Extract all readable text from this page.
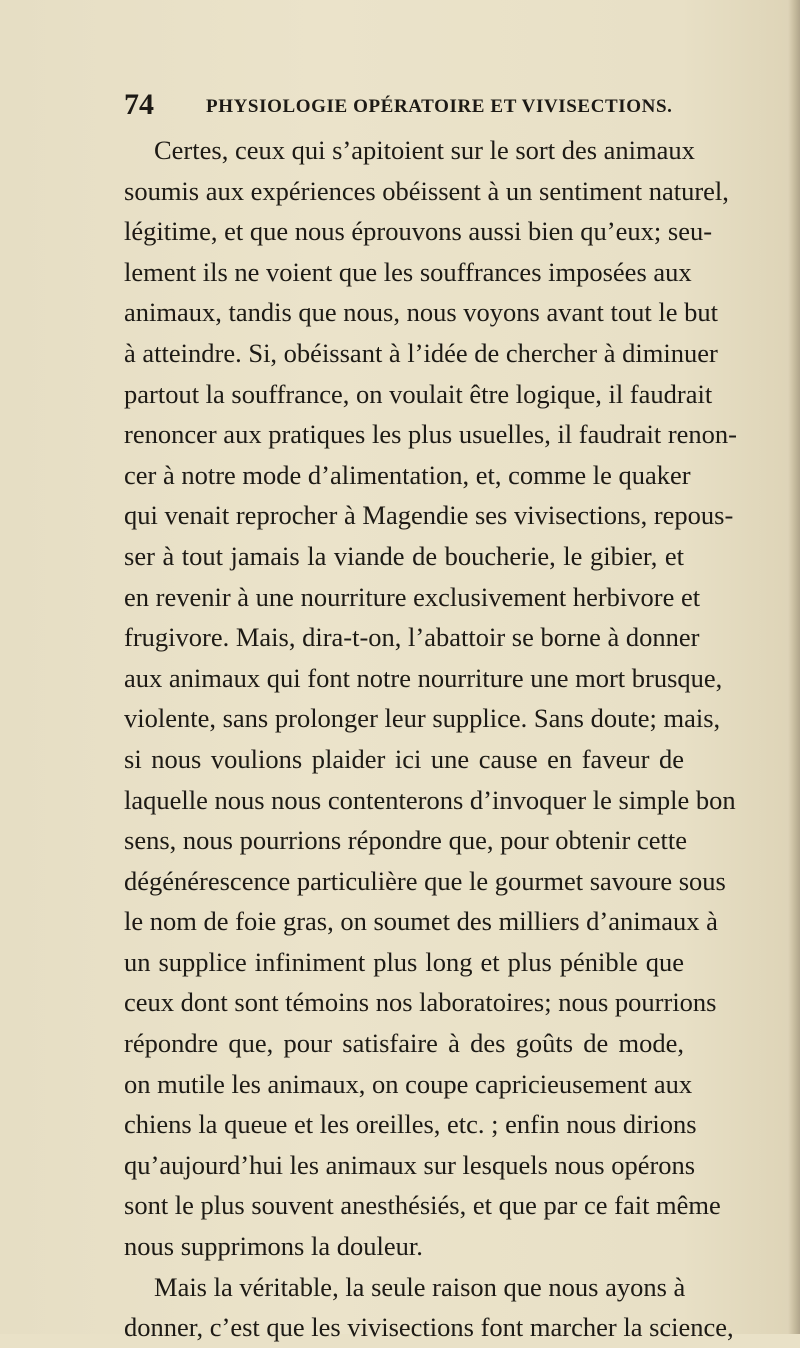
74	PHYSIOLOGIE OPÉRATOIRE ET VIVISECTIONS.
Certes, ceux qui s’apitoient sur le sort des animaux
soumis aux expériences obéissent à un sentiment naturel,
légitime, et que nous éprouvons aussi bien qu’eux; seu-
lement ils ne voient que les souffrances imposées aux
animaux, tandis que nous, nous voyons avant tout le but
à atteindre. Si, obéissant à l’idée de chercher à diminuer
partout la souffrance, on voulait être logique, il faudrait
renoncer aux pratiques les plus usuelles, il faudrait renon-
cer à notre mode d’alimentation, et, comme le quaker
qui venait reprocher à Magendie ses vivisections, repous-
ser à tout jamais la viande de boucherie, le gibier, et
en revenir à une nourriture exclusivement herbivore et
frugivore. Mais, dira-t-on, l’abattoir se borne à donner
aux animaux qui font notre nourriture une mort brusque,
violente, sans prolonger leur supplice. Sans doute; mais,
si nous voulions plaider ici une cause en faveur de
laquelle nous nous contenterons d’invoquer le simple bon
sens, nous pourrions répondre que, pour obtenir cette
dégénérescence particulière que le gourmet savoure sous
le nom de foie gras, on soumet des milliers d’animaux à
un supplice infiniment plus long et plus pénible que
ceux dont sont témoins nos laboratoires; nous pourrions
répondre que, pour satisfaire à des goûts de mode,
on mutile les animaux, on coupe capricieusement aux
chiens la queue et les oreilles, etc. ; enfin nous dirions
qu’aujourd’hui les animaux sur lesquels nous opérons
sont le plus souvent anesthésiés, et que par ce fait même
nous supprimons la douleur.
Mais la véritable, la seule raison que nous ayons à
donner, c’est que les vivisections font marcher la science,
